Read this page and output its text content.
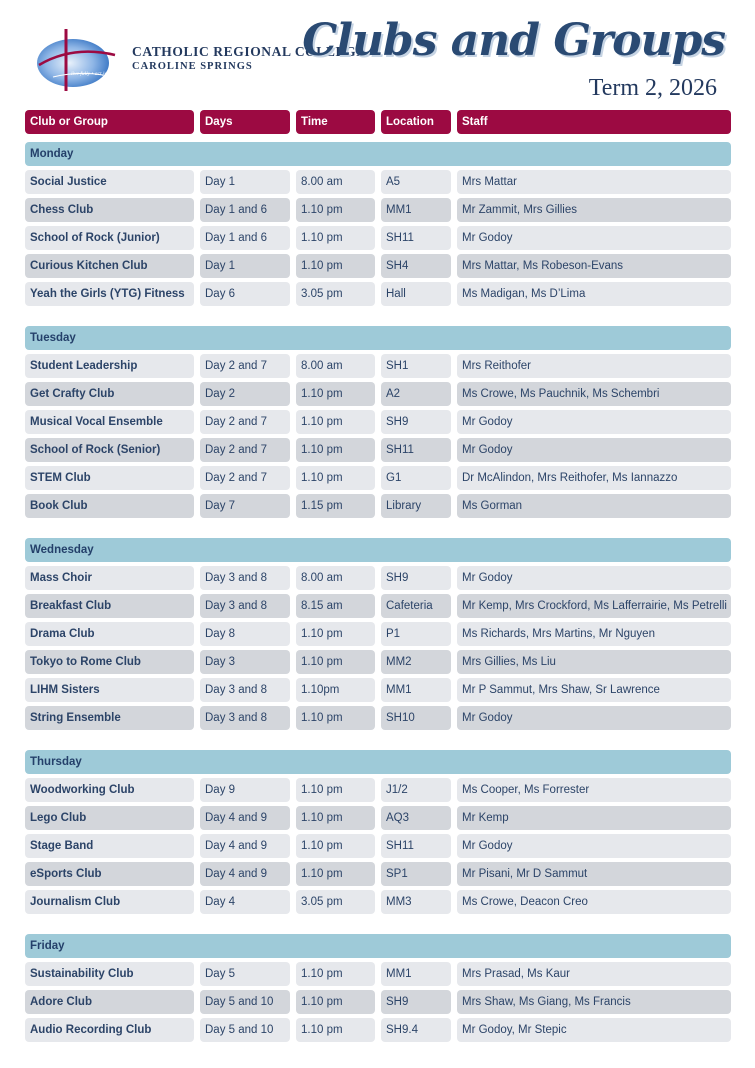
live fully • act justly
CATHOLIC REGIONAL COLLEGE
CAROLINE SPRINGS
Clubs and Groups
Term 2, 2026
Club or Group	Days	Time	Location	Staff
Monday
Social Justice	Day 1	8.00 am	A5	Mrs Mattar
Chess Club	Day 1 and 6	1.10 pm	MM1	Mr Zammit, Mrs Gillies
School of Rock (Junior)	Day 1 and 6	1.10 pm	SH11	Mr Godoy
Curious Kitchen Club	Day 1	1.10 pm	SH4	Mrs Mattar, Ms Robeson-Evans
Yeah the Girls (YTG) Fitness	Day 6	3.05 pm	Hall	Ms Madigan, Ms D’Lima
Tuesday
Student Leadership	Day 2 and 7	8.00 am	SH1	Mrs Reithofer
Get Crafty Club	Day 2	1.10 pm	A2	Ms Crowe, Ms Pauchnik, Ms Schembri
Musical Vocal Ensemble	Day 2 and 7	1.10 pm	SH9	Mr Godoy
School of Rock (Senior)	Day 2 and 7	1.10 pm	SH11	Mr Godoy
STEM Club	Day 2 and 7	1.10 pm	G1	Dr McAlindon, Mrs Reithofer, Ms Iannazzo
Book Club	Day 7	1.15 pm	Library	Ms Gorman
Wednesday
Mass Choir	Day 3 and 8	8.00 am	SH9	Mr Godoy
Breakfast Club	Day 3 and 8	8.15 am	Cafeteria	Mr Kemp, Mrs Crockford, Ms Lafferrairie, Ms Petrelli
Drama Club	Day 8	1.10 pm	P1	Ms Richards, Mrs Martins, Mr Nguyen
Tokyo to Rome Club	Day 3	1.10 pm	MM2	Mrs Gillies, Ms Liu
LIHM Sisters	Day 3 and 8	1.10pm	MM1	Mr P Sammut, Mrs Shaw, Sr Lawrence
String Ensemble	Day 3 and 8	1.10 pm	SH10	Mr Godoy
Thursday
Woodworking Club	Day 9	1.10 pm	J1/2	Ms Cooper, Ms Forrester
Lego Club	Day 4 and 9	1.10 pm	AQ3	Mr Kemp
Stage Band	Day 4 and 9	1.10 pm	SH11	Mr Godoy
eSports Club	Day 4 and 9	1.10 pm	SP1	Mr Pisani, Mr D Sammut
Journalism Club	Day 4	3.05 pm	MM3	Ms Crowe, Deacon Creo
Friday
Sustainability Club	Day 5	1.10 pm	MM1	Mrs Prasad, Ms Kaur
Adore Club	Day 5 and 10	1.10 pm	SH9	Mrs Shaw, Ms Giang, Ms Francis
Audio Recording Club	Day 5 and 10	1.10 pm	SH9.4	Mr Godoy, Mr Stepic
